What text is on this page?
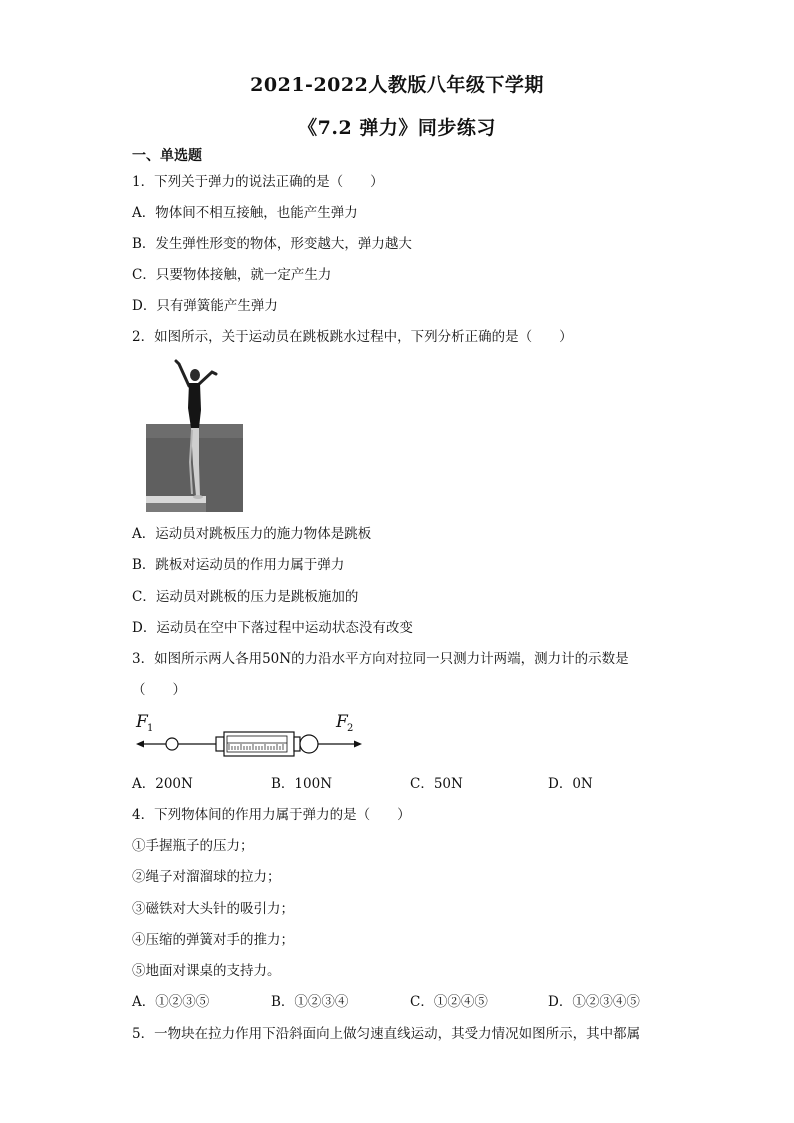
2021-2022人教版八年级下学期
《7.2 弹力》同步练习
一、单选题
1．下列关于弹力的说法正确的是（　　）
A．物体间不相互接触，也能产生弹力
B．发生弹性形变的物体，形变越大，弹力越大
C．只要物体接触，就一定产生力
D．只有弹簧能产生弹力
2．如图所示，关于运动员在跳板跳水过程中，下列分析正确的是（　　）
A．运动员对跳板压力的施力物体是跳板
B．跳板对运动员的作用力属于弹力
C．运动员对跳板的压力是跳板施加的
D．运动员在空中下落过程中运动状态没有改变
3．如图所示两人各用50N的力沿水平方向对拉同一只测力计两端，测力计的示数是
（　　）
F 1	F 2
A．200N	B．100N	C．50N	D．0N
4．下列物体间的作用力属于弹力的是（　　）
①手握瓶子的压力；
②绳子对溜溜球的拉力；
③磁铁对大头针的吸引力；
④压缩的弹簧对手的推力；
⑤地面对课桌的支持力。
A．①②③⑤	B．①②③④	C．①②④⑤	D．①②③④⑤
5．一物块在拉力作用下沿斜面向上做匀速直线运动，其受力情况如图所示，其中都属
